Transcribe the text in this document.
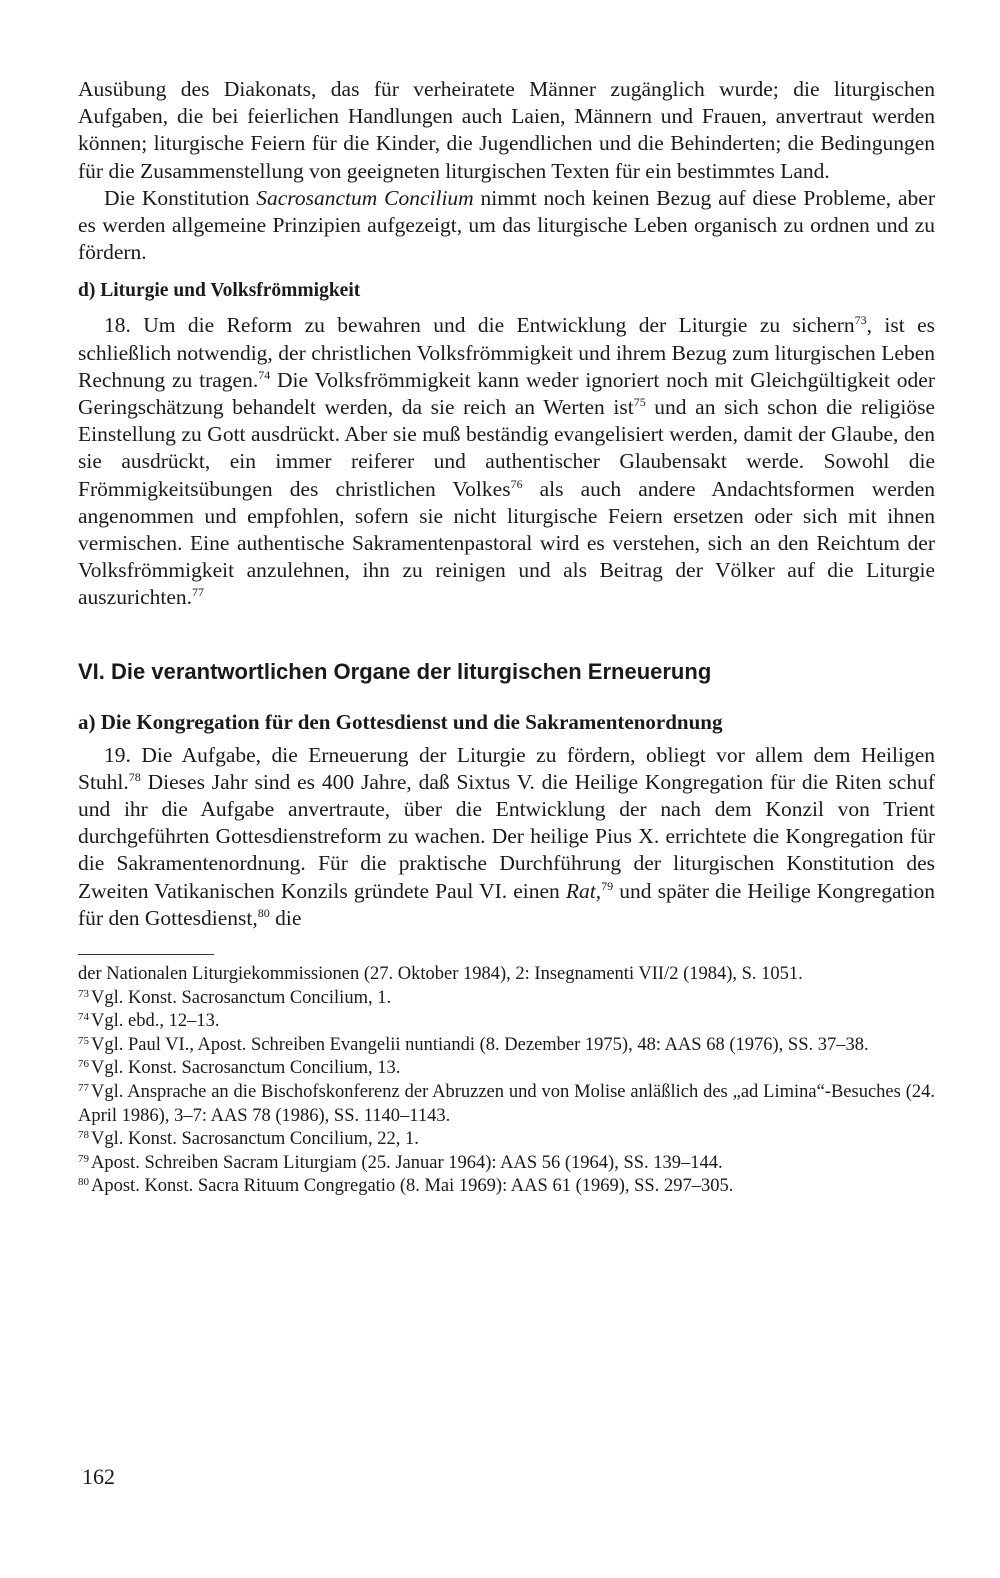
Ausübung des Diakonats, das für verheiratete Männer zugänglich wurde; die liturgischen Aufgaben, die bei feierlichen Handlungen auch Laien, Männern und Frauen, anvertraut werden können; liturgische Feiern für die Kinder, die Jugendlichen und die Behinderten; die Bedingungen für die Zusammenstellung von geeigneten liturgischen Texten für ein bestimmtes Land.

Die Konstitution Sacrosanctum Concilium nimmt noch keinen Bezug auf diese Probleme, aber es werden allgemeine Prinzipien aufgezeigt, um das liturgische Leben organisch zu ordnen und zu fördern.

d) Liturgie und Volksfrömmigkeit

18. Um die Reform zu bewahren und die Entwicklung der Liturgie zu sichern$^{73}$, ist es schließlich notwendig, der christlichen Volksfrömmigkeit und ihrem Bezug zum liturgischen Leben Rechnung zu tragen.$^{74}$ Die Volksfrömmigkeit kann weder ignoriert noch mit Gleichgültigkeit oder Geringschätzung behandelt werden, da sie reich an Werten ist$^{75}$ und an sich schon die religiöse Einstellung zu Gott ausdrückt. Aber sie muß beständig evangelisiert werden, damit der Glaube, den sie ausdrückt, ein immer reiferer und authentischer Glaubensakt werde. Sowohl die Frömmigkeitsübungen des christlichen Volkes$^{76}$ als auch andere Andachtsformen werden angenommen und empfohlen, sofern sie nicht liturgische Feiern ersetzen oder sich mit ihnen vermischen. Eine authentische Sakramentenpastoral wird es verstehen, sich an den Reichtum der Volksfrömmigkeit anzulehnen, ihn zu reinigen und als Beitrag der Völker auf die Liturgie auszurichten.$^{77}$

VI. Die verantwortlichen Organe der liturgischen Erneuerung
a) Die Kongregation für den Gottesdienst und die Sakramentenordnung

19. Die Aufgabe, die Erneuerung der Liturgie zu fördern, obliegt vor allem dem Heiligen Stuhl.$^{78}$ Dieses Jahr sind es 400 Jahre, daß Sixtus V. die Heilige Kongregation für die Riten schuf und ihr die Aufgabe anvertraute, über die Entwicklung der nach dem Konzil von Trient durchgeführten Gottesdienstreform zu wachen. Der heilige Pius X. errichtete die Kongregation für die Sakramentenordnung. Für die praktische Durchführung der liturgischen Konstitution des Zweiten Vatikanischen Konzils gründete Paul VI. einen Rat,$^{79}$ und später die Heilige Kongregation für den Gottesdienst,$^{80}$ die

der Nationalen Liturgiekommissionen (27. Oktober 1984), 2: Insegnamenti VII/2 (1984), S. 1051.

$^{73}$ Vgl. Konst. Sacrosanctum Concilium, 1.

$^{74}$ Vgl. ebd., 12–13.

$^{75}$ Vgl. Paul VI., Apost. Schreiben Evangelii nuntiandi (8. Dezember 1975), 48: AAS 68 (1976), SS. 37–38.

$^{76}$ Vgl. Konst. Sacrosanctum Concilium, 13.

$^{77}$ Vgl. Ansprache an die Bischofskonferenz der Abruzzen und von Molise anläßlich des „ad Limina“-Besuches (24. April 1986), 3–7: AAS 78 (1986), SS. 1140–1143.

$^{78}$ Vgl. Konst. Sacrosanctum Concilium, 22, 1.

$^{79}$ Apost. Schreiben Sacram Liturgiam (25. Januar 1964): AAS 56 (1964), SS. 139–144.

$^{80}$ Apost. Konst. Sacra Rituum Congregatio (8. Mai 1969): AAS 61 (1969), SS. 297–305.

162
